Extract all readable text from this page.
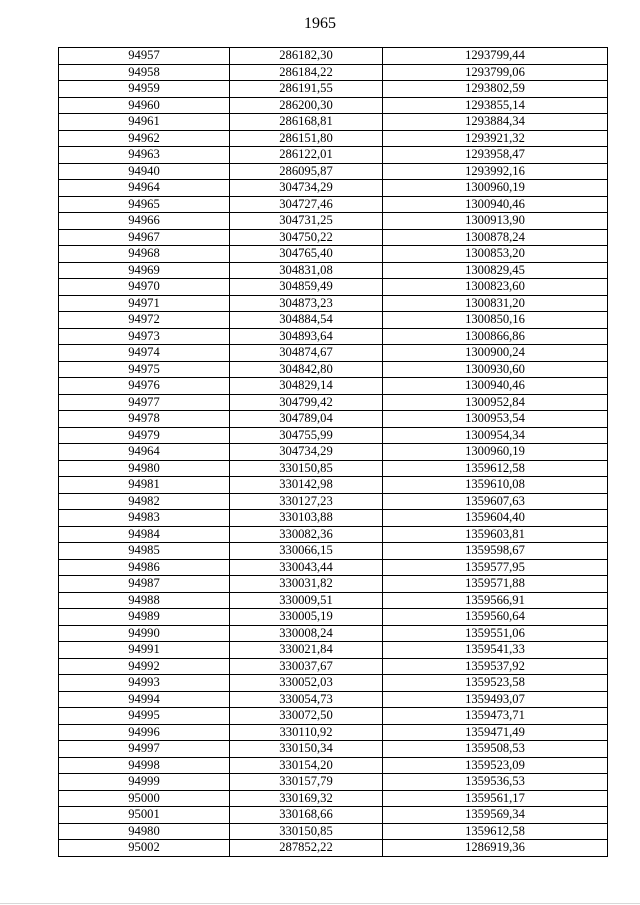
1965
94957	286182,30	1293799,44
94958	286184,22	1293799,06
94959	286191,55	1293802,59
94960	286200,30	1293855,14
94961	286168,81	1293884,34
94962	286151,80	1293921,32
94963	286122,01	1293958,47
94940	286095,87	1293992,16
94964	304734,29	1300960,19
94965	304727,46	1300940,46
94966	304731,25	1300913,90
94967	304750,22	1300878,24
94968	304765,40	1300853,20
94969	304831,08	1300829,45
94970	304859,49	1300823,60
94971	304873,23	1300831,20
94972	304884,54	1300850,16
94973	304893,64	1300866,86
94974	304874,67	1300900,24
94975	304842,80	1300930,60
94976	304829,14	1300940,46
94977	304799,42	1300952,84
94978	304789,04	1300953,54
94979	304755,99	1300954,34
94964	304734,29	1300960,19
94980	330150,85	1359612,58
94981	330142,98	1359610,08
94982	330127,23	1359607,63
94983	330103,88	1359604,40
94984	330082,36	1359603,81
94985	330066,15	1359598,67
94986	330043,44	1359577,95
94987	330031,82	1359571,88
94988	330009,51	1359566,91
94989	330005,19	1359560,64
94990	330008,24	1359551,06
94991	330021,84	1359541,33
94992	330037,67	1359537,92
94993	330052,03	1359523,58
94994	330054,73	1359493,07
94995	330072,50	1359473,71
94996	330110,92	1359471,49
94997	330150,34	1359508,53
94998	330154,20	1359523,09
94999	330157,79	1359536,53
95000	330169,32	1359561,17
95001	330168,66	1359569,34
94980	330150,85	1359612,58
95002	287852,22	1286919,36
